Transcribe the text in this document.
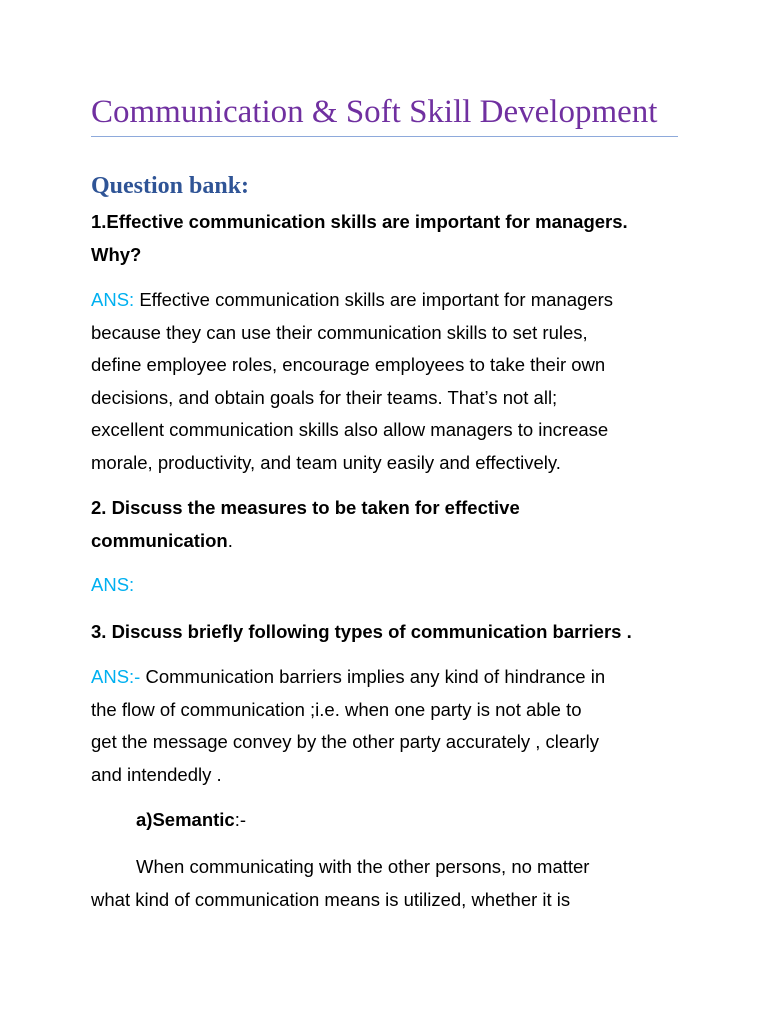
Communication & Soft Skill Development
Question bank:
1.Effective communication skills are important for managers.
Why?
ANS: Effective communication skills are important for managers
because they can use their communication skills to set rules,
define employee roles, encourage employees to take their own
decisions, and obtain goals for their teams. That’s not all;
excellent communication skills also allow managers to increase
morale, productivity, and team unity easily and effectively.
2. Discuss the measures to be taken for effective
communication.
ANS:
3. Discuss briefly following types of communication barriers .
ANS:- Communication barriers implies any kind of hindrance in
the flow of communication ;i.e. when one party is not able to
get the message convey by the other party accurately , clearly
and intendedly .
a)Semantic:-
When communicating with the other persons, no matter
what kind of communication means is utilized, whether it is
